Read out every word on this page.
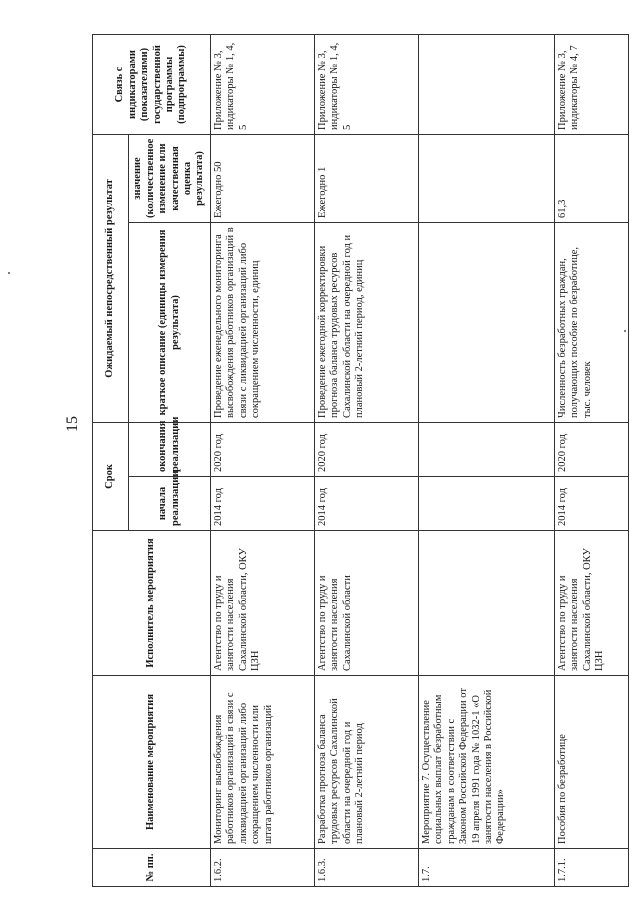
15
№ пп.	Наименование мероприятия	Исполнитель мероприятия	Срок		Ожидаемый непосредственный результат		Связь с индикаторами (показателями) государственной программы (подпрограммы)
			начала реализации	окончания реализации	краткое описание (единицы измерения результата)	значение (количественное изменение или качественная оценка результата)	
1.6.2.	Мониторинг высвобождения работников организаций в связи с ликвидацией организаций либо сокращением численности или штата работников организаций	Агентство по труду и занятости населения Сахалинской области, ОКУ ЦЗН	2014 год	2020 год	Проведение еженедельного мониторинга высвобождения работников организаций в связи с ликвидацией организаций либо сокращением численности, единиц	Ежегодно 50	Приложение № 3, индикаторы № 1, 4, 5
1.6.3.	Разработка прогноза баланса трудовых ресурсов Сахалинской области на очередной год и плановый 2-летний период	Агентство по труду и занятости населения Сахалинской области	2014 год	2020 год	Проведение ежегодной корректировки прогноза баланса трудовых ресурсов Сахалинской области на очередной год и плановый 2-летний период, единиц	Ежегодно 1	Приложение № 3, индикаторы № 1, 4, 5
1.7.	Мероприятие 7. Осуществление социальных выплат безработным гражданам в соответствии с Законом Российской Федерации от 19 апреля 1991 года № 1032-1 «О занятости населения в Российской Федерации»						
1.7.1.	Пособия по безработице	Агентство по труду и занятости населения Сахалинской области, ОКУ ЦЗН	2014 год	2020 год	Численность безработных граждан, получающих пособие по безработице, тыс. человек	61,3	Приложение № 3, индикаторы № 4, 7
